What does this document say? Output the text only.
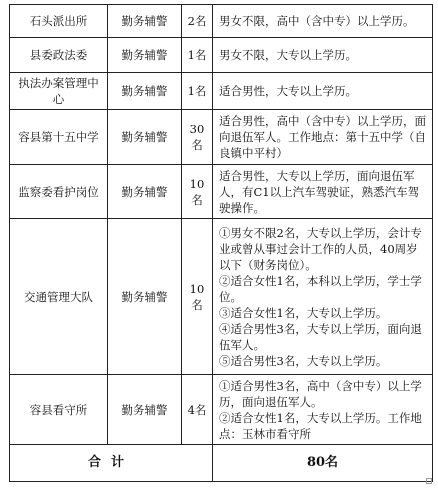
石头派出所	勤务辅警	2名	男女不限，高中（含中专）以上学历。

县委政法委	勤务辅警	1名	男女不限，大专以上学历。

执法办案管理中心	勤务辅警	1名	适合男性，大专以上学历。

容县第十五中学	勤务辅警	30名	适合男性，高中（含中专）以上学历，面向退伍军人。工作地点：第十五中学（自良镇中平村）

监察委看护岗位	勤务辅警	10名	适合男性，大专以上学历，面向退伍军人，有C1以上汽车驾驶证，熟悉汽车驾驶操作。

交通管理大队	勤务辅警	10名	①男女不限2名，大专以上学历，会计专业或曾从事过会计工作的人员，40周岁以下（财务岗位）。
②适合女性1名，本科以上学历，学士学位。
③适合女性1名，大专以上学历。
④适合男性3名，大专以上学历，面向退伍军人。
⑤适合男性3名，大专以上学历。

容县看守所	勤务辅警	4名	①适合男性3名，高中（含中专）以上学历，面向退伍军人。
②适合女性1名，大专以上学历。工作地点：玉林市看守所

合计			80名
